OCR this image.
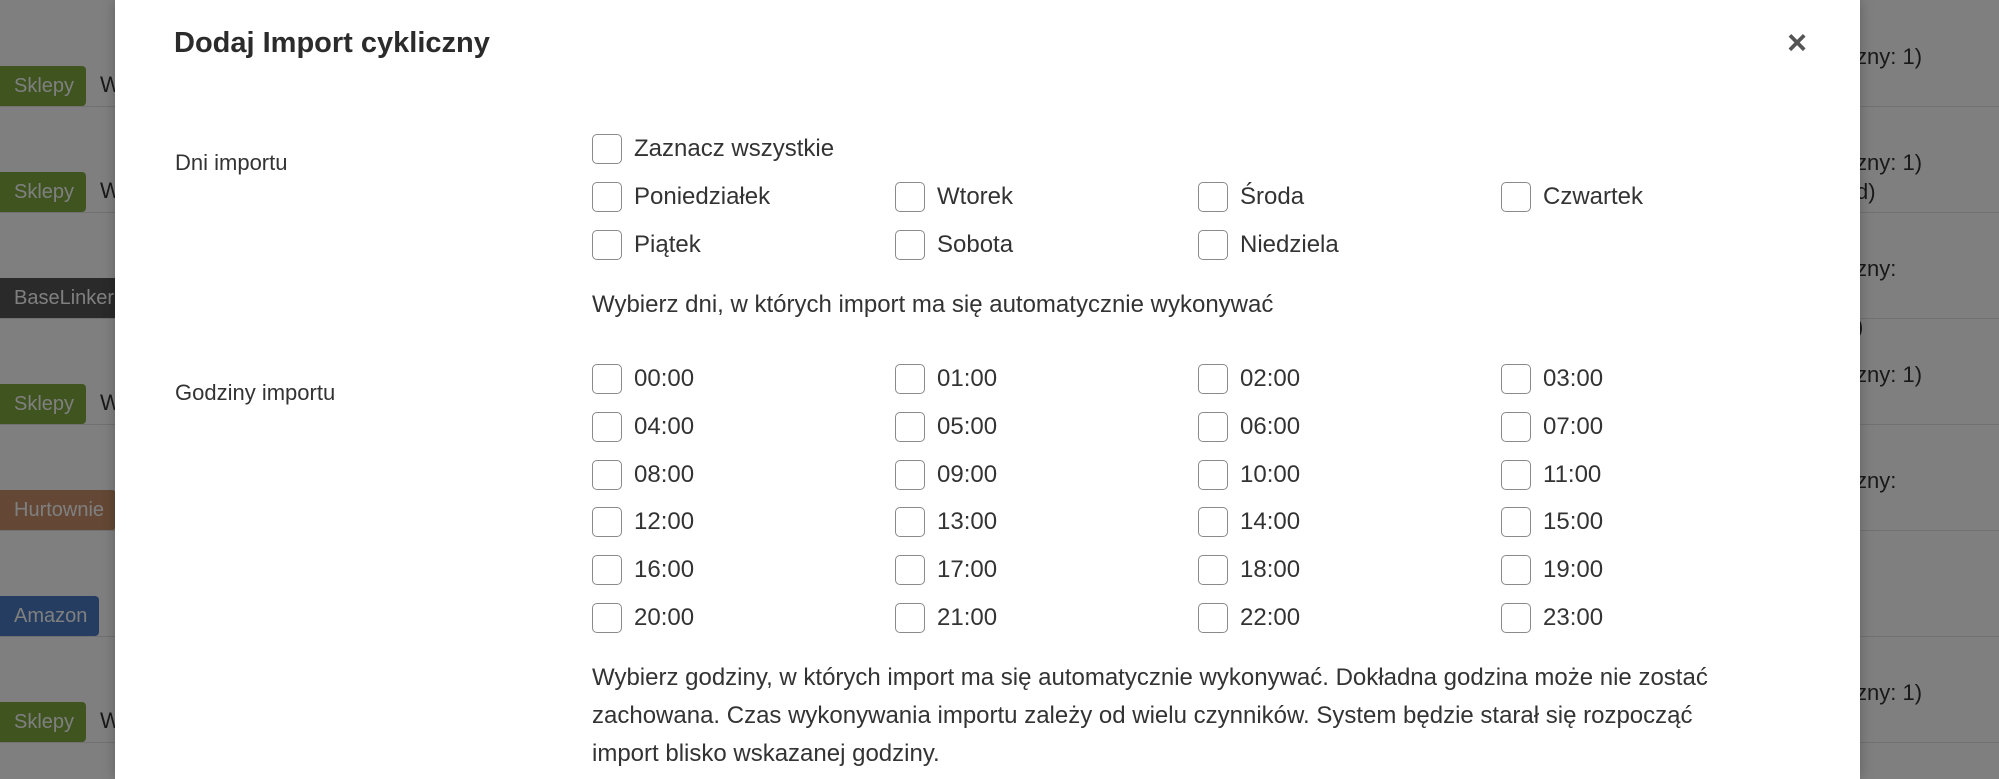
Dodaj Import cykliczny	×
Dni importu
Zaznacz wszystkie

Wybierz dni, w których import ma się automatycznie wykonywać

Godziny importu
Poniedziałek	Wtorek	Środa	Czwartek
Piątek	Sobota	Niedziela
00:00	01:00	02:00	03:00
04:00	05:00	06:00	07:00
08:00	09:00	10:00	11:00
12:00	13:00	14:00	15:00
16:00	17:00	18:00	19:00
20:00	21:00	22:00	23:00

Wybierz godziny, w których import ma się automatycznie wykonywać. Dokładna godzina może nie zostać

zachowana. Czas wykonywania importu zależy od wielu czynników. System będzie starał się rozpocząć

import blisko wskazanej godziny.
